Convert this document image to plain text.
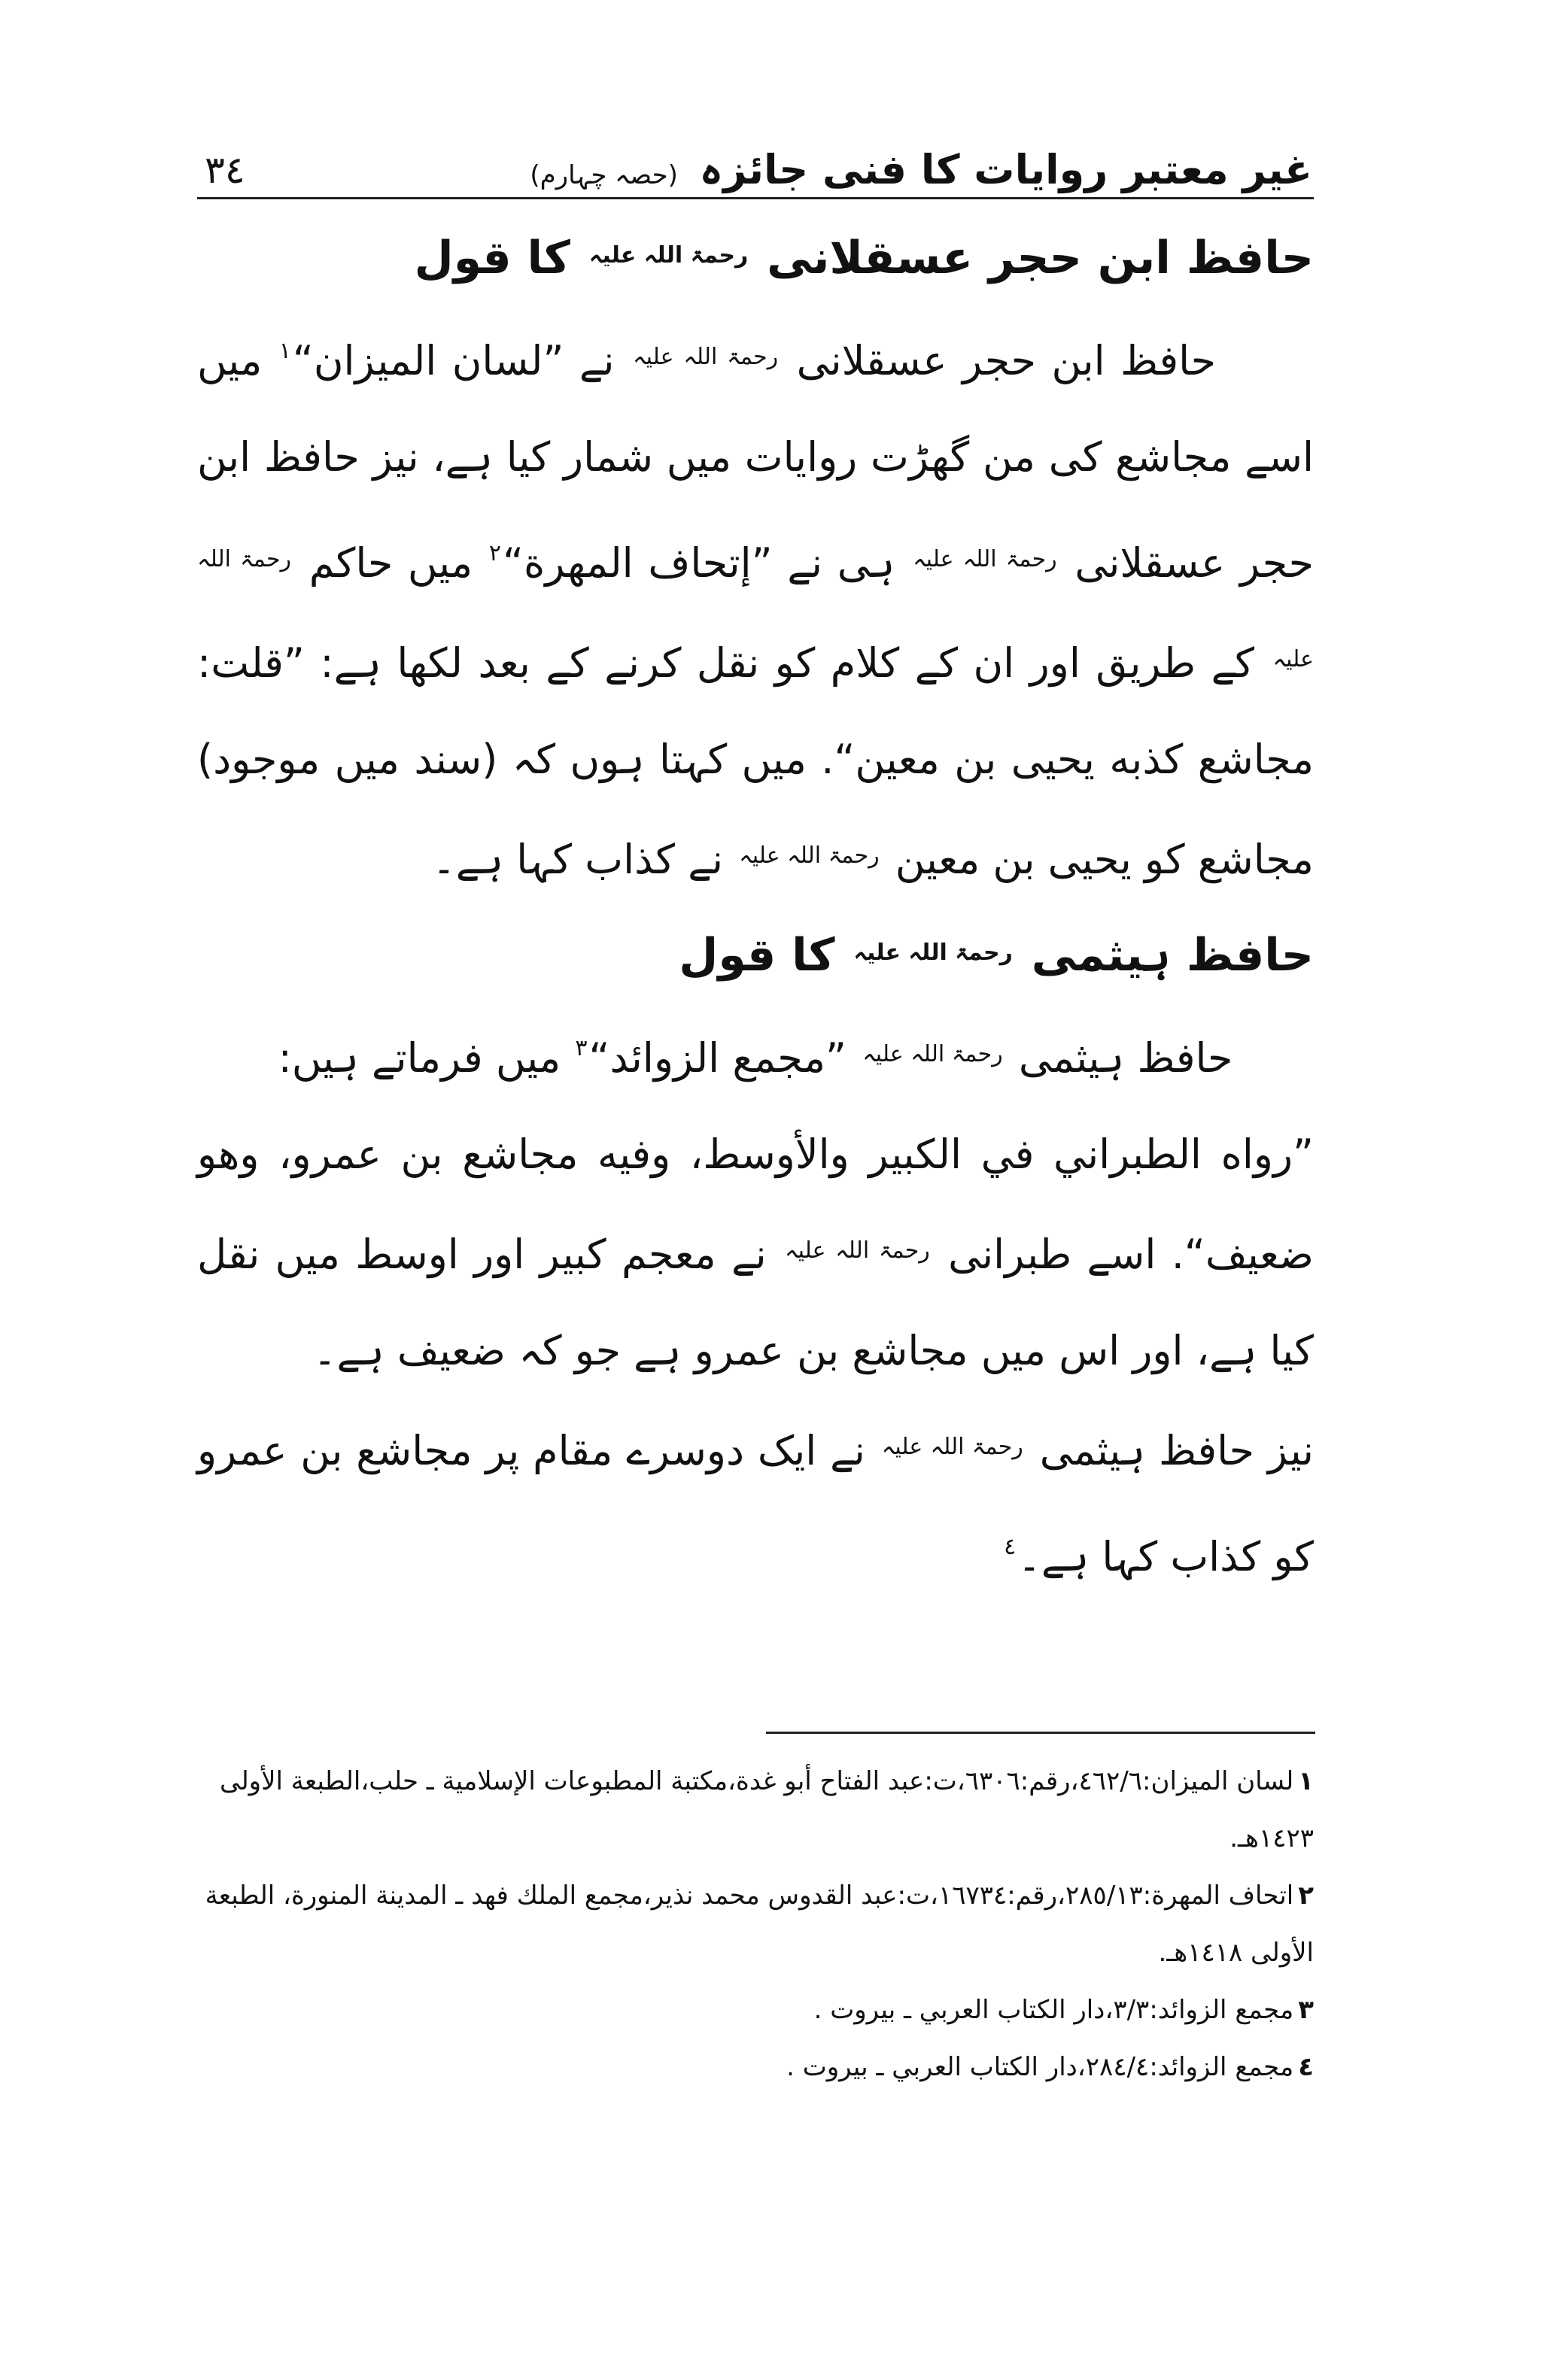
٣٤	غیر معتبر روایات کا فنی جائزہ (حصہ چہارم)
حافظ ابن حجر عسقلانی $^{رحمۃ اللہ علیہ}$ کا قول

حافظ ابن حجر عسقلانی $^{رحمۃ اللہ علیہ}$ نے ”لسان الميزان“$^١$ میں اسے مجاشع کی من گھڑت روایات میں شمار کیا ہے، نیز حافظ ابن حجر عسقلانی $^{رحمۃ اللہ علیہ}$ ہی نے ”إتحاف المهرة“$^٢$ میں حاکم $^{رحمۃ اللہ علیہ}$ کے طریق اور ان کے کلام کو نقل کرنے کے بعد لکھا ہے: ”قلت: مجاشع كذبه يحيى بن معين“. میں کہتا ہوں کہ (سند میں موجود) مجاشع کو یحیی بن معین $^{رحمۃ اللہ علیہ}$ نے کذاب کہا ہے۔

حافظ ہیثمی $^{رحمۃ اللہ علیہ}$ کا قول

حافظ ہیثمی $^{رحمۃ اللہ علیہ}$ ”مجمع الزوائد“$^٣$ میں فرماتے ہیں:

”رواه الطبراني في الكبير والأوسط، وفيه مجاشع بن عمرو، وهو ضعيف“. اسے طبرانی $^{رحمۃ اللہ علیہ}$ نے معجم کبیر اور اوسط میں نقل کیا ہے، اور اس میں مجاشع بن عمرو ہے جو کہ ضعیف ہے۔

نیز حافظ ہیثمی $^{رحمۃ اللہ علیہ}$ نے ایک دوسرے مقام پر مجاشع بن عمرو کو کذاب کہا ہے۔$^٤$

١لسان الميزان:٤٦٢/٦،رقم:٦٣٠٦،ت:عبد الفتاح أبو غدة،مكتبة المطبوعات الإسلامية ـ حلب،الطبعة الأولى ١٤٢٣هـ.

٢اتحاف المهرة:٢٨٥/١٣،رقم:١٦٧٣٤،ت:عبد القدوس محمد نذير،مجمع الملك فهد ـ المدينة المنورة، الطبعة الأولى ١٤١٨هـ.

٣مجمع الزوائد:٣/٣،دار الكتاب العربي ـ بيروت .

٤مجمع الزوائد:٢٨٤/٤،دار الكتاب العربي ـ بيروت .
